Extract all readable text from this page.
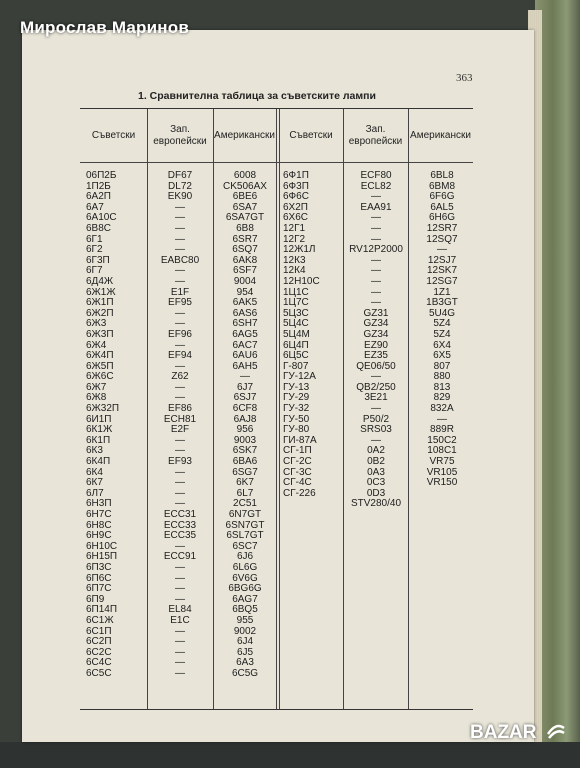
Мирослав Маринов
363
1. Сравнителна таблица за съветските лампи
Съветски
Зап. европейски
Американски	Съветски
Зап. европейски
Американски
06П2Б
1П2Б
6А2П
6А7
6А10С
6В8С
6Г1
6Г2
6Г3П
6Г7
6Д4Ж
6Ж1Ж
6Ж1П
6Ж2П
6Ж3
6Ж3П
6Ж4
6Ж4П
6Ж5П
6Ж6С
6Ж7
6Ж8
6Ж32П
6И1П
6К1Ж
6К1П
6К3
6К4П
6К4
6К7
6Л7
6Н3П
6Н7С
6Н8С
6Н9С
6Н10С
6Н15П
6П3С
6П6С
6П7С
6П9
6П14П
6С1Ж
6С1П
6С2П
6С2С
6С4С
6С5С
DF67
DL72
EK90
—
—
—
—
—
EABC80
—
—
E1F
EF95
—
—
EF96
—
EF94
—
Z62
—
—
EF86
ECH81
E2F
—
—
EF93
—
—
—
—
ECC31
ECC33
ECC35
—
ECC91
—
—
—
—
EL84
E1C
—
—
—
—
—
6008
CK506AX
6BE6
6SA7
6SA7GT
6B8
6SR7
6SQ7
6AK8
6SF7
9004
954
6AK5
6AS6
6SH7
6AG5
6AC7
6AU6
6AH5
—
6J7
6SJ7
6CF8
6AJ8
956
9003
6SK7
6BA6
6SG7
6K7
6L7
2C51
6N7GT
6SN7GT
6SL7GT
6SC7
6J6
6L6G
6V6G
6BG6G
6AG7
6BQ5
955
9002
6J4
6J5
6A3
6C5G
6Ф1П
6Ф3П
6Ф6С
6Х2П
6Х6С
12Г1
12Г2
12Ж1Л
12К3
12К4
12Н10С
1Ц1С
1Ц7С
5Ц3С
5Ц4С
5Ц4М
6Ц4П
6Ц5С
Г-807
ГУ-12А
ГУ-13
ГУ-29
ГУ-32
ГУ-50
ГУ-80
ГИ-87А
СГ-1П
СГ-2С
СГ-3С
СГ-4С
СГ-226
ECF80
ECL82
—
EAA91
—
—
—
RV12P2000
—
—
—
—
—
GZ31
GZ34
GZ34
EZ90
EZ35
QE06/50
—
QB2/250
3E21
—
P50/2
SRS03
—
0A2
0B2
0A3
0C3
0D3
STV280/40
6BL8
6BM8
6F6G
6AL5
6H6G
12SR7
12SQ7
—
12SJ7
12SK7
12SG7
1Z1
1B3GT
5U4G
5Z4
5Z4
6X4
6X5
807
880
813
829
832A
—
889R
150C2
108C1
VR75
VR105
VR150
BAZAR
